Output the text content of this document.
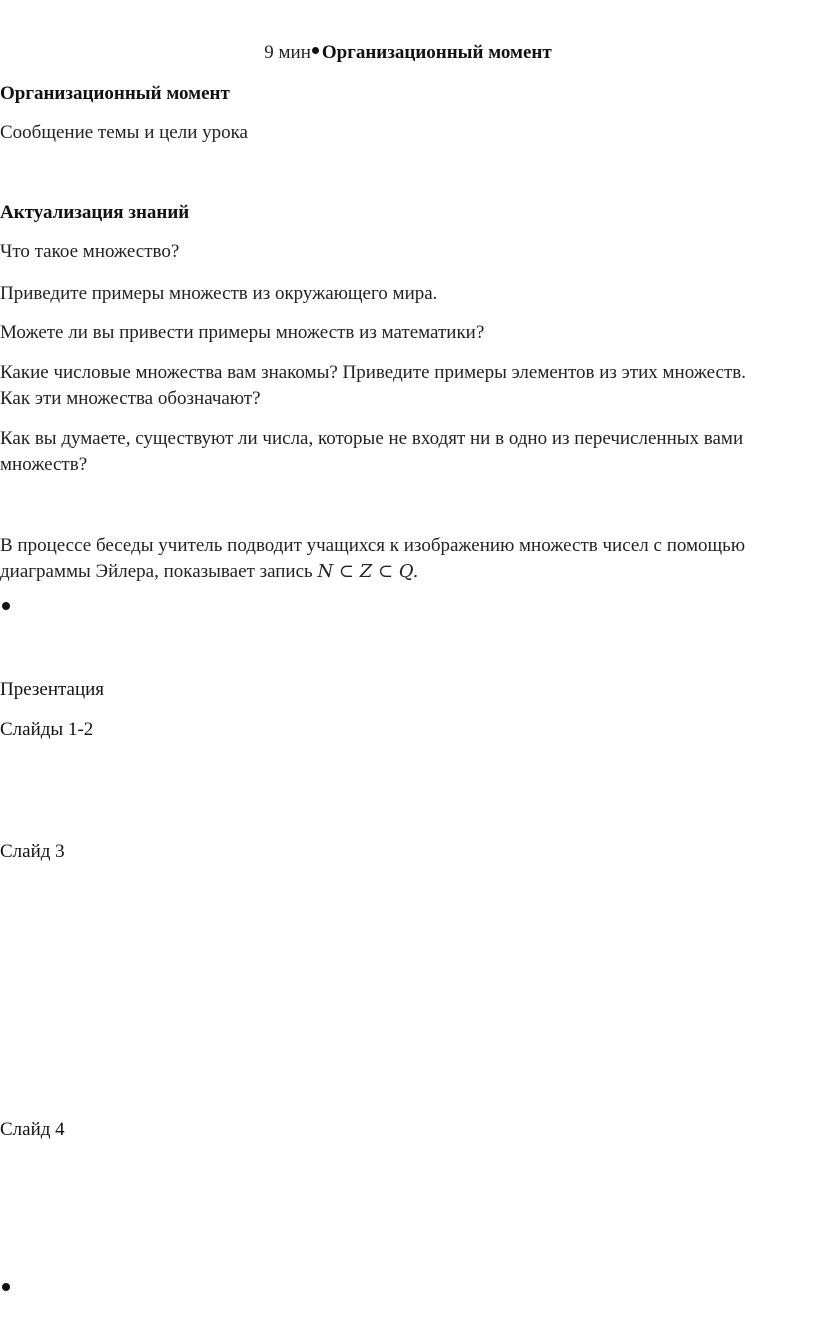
9 мин Организационный момент

Организационный момент

Сообщение темы и цели урока

Актуализация знаний

Что такое множество?

Приведите примеры множеств из окружающего мира.

Можете ли вы привести примеры множеств из математики?

Какие числовые множества вам знакомы? Приведите примеры элементов из этих множеств. Как эти множества обозначают?

Как вы думаете, существуют ли числа, которые не входят ни в одно из перечисленных вами множеств?

В процессе беседы учитель подводит учащихся к изображению множеств чисел с помощью диаграммы Эйлера, показывает запись N ⊂ Z ⊂ Q.

Презентация

Слайды 1-2

Слайд 3

Слайд 4
